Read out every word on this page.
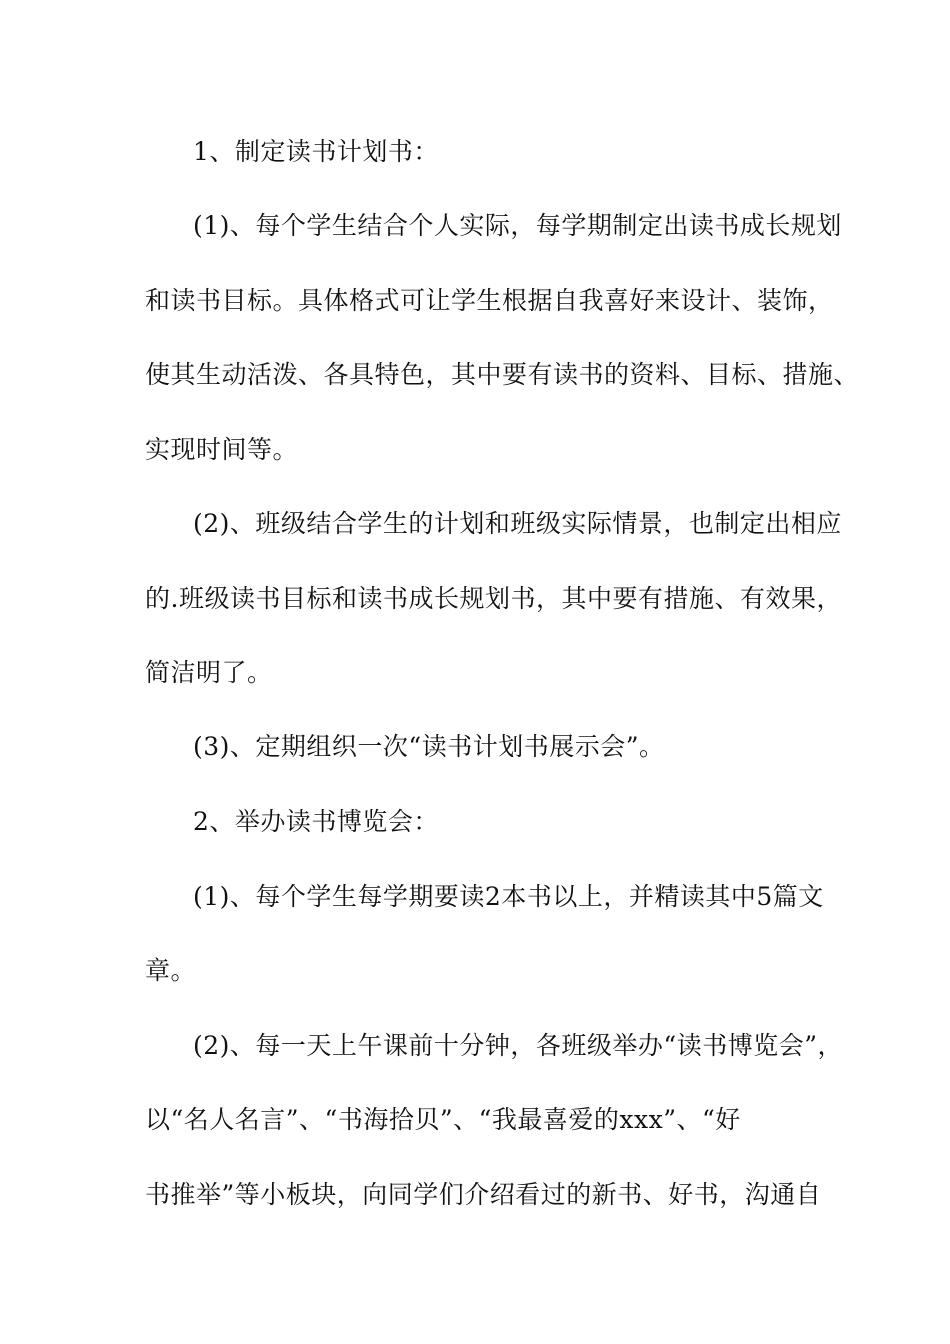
1、制定读书计划书：
(1)、每个学生结合个人实际，每学期制定出读书成长规划
和读书目标。具体格式可让学生根据自我喜好来设计、装饰，
使其生动活泼、各具特色，其中要有读书的资料、目标、措施、
实现时间等。
(2)、班级结合学生的计划和班级实际情景，也制定出相应
的.班级读书目标和读书成长规划书，其中要有措施、有效果，
简洁明了。
(3)、定期组织一次“读书计划书展示会”。
2、举办读书博览会：
(1)、每个学生每学期要读2本书以上，并精读其中5篇文
章。
(2)、每一天上午课前十分钟，各班级举办“读书博览会”，
以“名人名言”、“书海拾贝”、“我最喜爱的xxx”、“好
书推举”等小板块，向同学们介绍看过的新书、好书，沟通自
